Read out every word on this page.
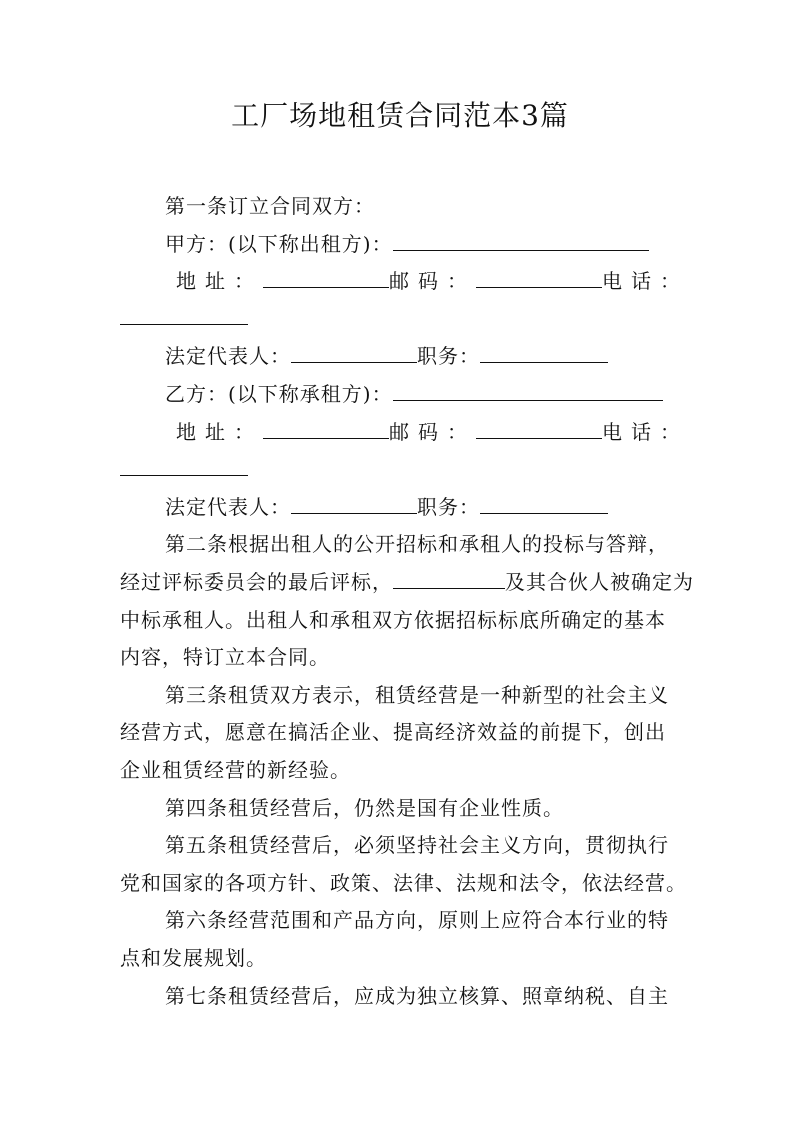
工厂场地租赁合同范本3篇
第一条订立合同双方：
甲方：(以下称出租方)：
地址：	邮码：	电话：
法定代表人：	职务：
乙方：(以下称承租方)：
地址：	邮码：	电话：
法定代表人：	职务：
第二条根据出租人的公开招标和承租人的投标与答辩，
经过评标委员会的最后评标，	及其合伙人被确定为
中标承租人。出租人和承租双方依据招标标底所确定的基本
内容，特订立本合同。
第三条租赁双方表示，租赁经营是一种新型的社会主义
经营方式，愿意在搞活企业、提高经济效益的前提下，创出
企业租赁经营的新经验。
第四条租赁经营后，仍然是国有企业性质。
第五条租赁经营后，必须坚持社会主义方向，贯彻执行
党和国家的各项方针、政策、法律、法规和法令，依法经营。
第六条经营范围和产品方向，原则上应符合本行业的特
点和发展规划。
第七条租赁经营后，应成为独立核算、照章纳税、自主
